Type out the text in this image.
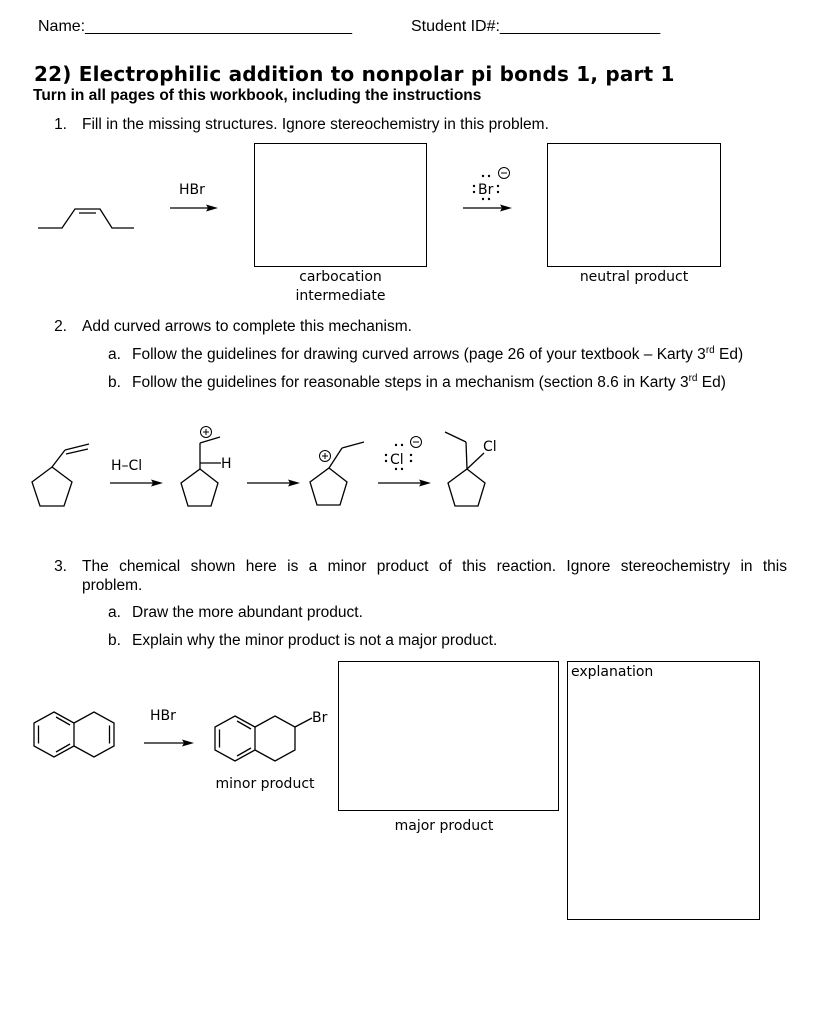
Name:______________________________	Student ID#:__________________
22) Electrophilic addition to nonpolar pi bonds 1, part 1
Turn in all pages of this workbook, including the instructions
1. Fill in the missing structures. Ignore stereochemistry in this problem.
HBr	Br
carbocation
intermediate
neutral product
2. Add curved arrows to complete this mechanism.
a. Follow the guidelines for drawing curved arrows (page 26 of your textbook – Karty 3rd Ed)
b. Follow the guidelines for reasonable steps in a mechanism (section 8.6 in Karty 3rd Ed)
H–Cl	H	Cl
Cl
3. The chemical shown here is a minor product of this reaction. Ignore stereochemistry in this
problem.
a. Draw the more abundant product.
b. Explain why the minor product is not a major product.
HBr	Br
minor product
major product
explanation
